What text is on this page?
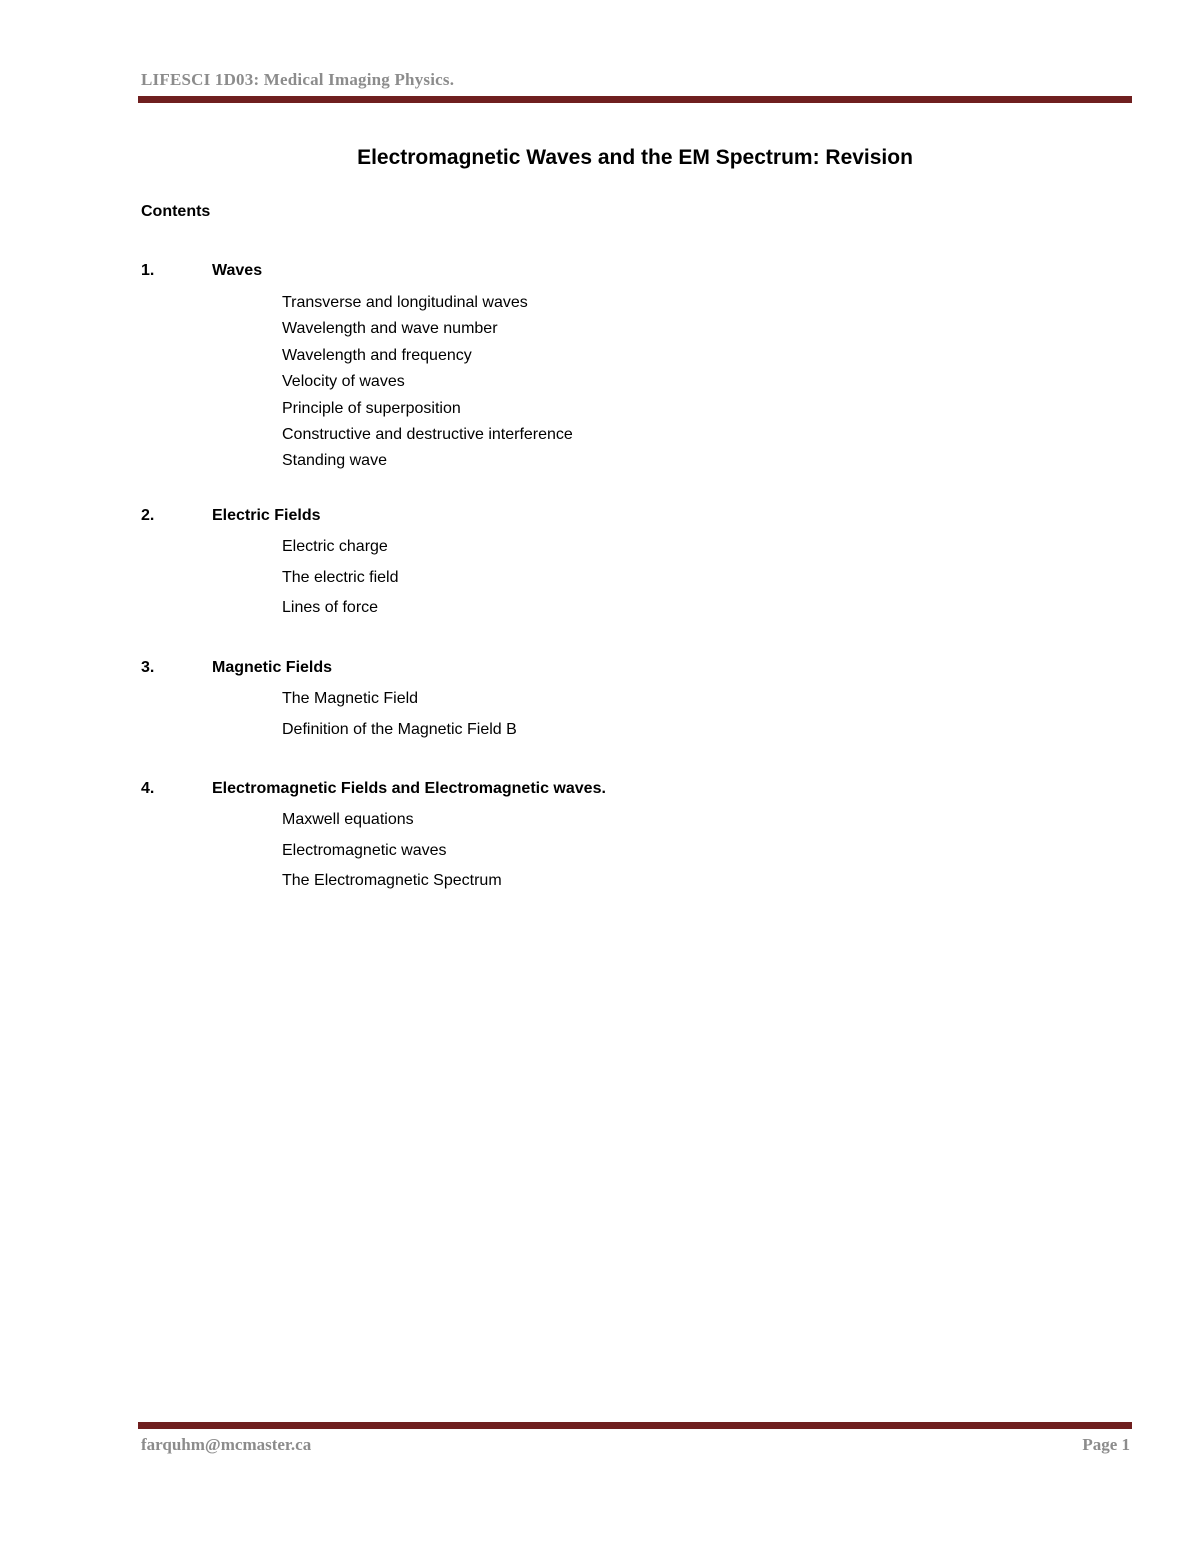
LIFESCI 1D03: Medical Imaging Physics.
Electromagnetic Waves and the EM Spectrum: Revision
Contents
1.	Waves
Transverse and longitudinal waves
Wavelength and wave number
Wavelength and frequency
Velocity of waves
Principle of superposition
Constructive and destructive interference
Standing wave
2.	Electric Fields
Electric charge
The electric field
Lines of force
3.	Magnetic Fields
The Magnetic Field
Definition of the Magnetic Field B
4.	Electromagnetic Fields and Electromagnetic waves.
Maxwell equations
Electromagnetic waves
The Electromagnetic Spectrum
farquhm@mcmaster.ca	Page 1
